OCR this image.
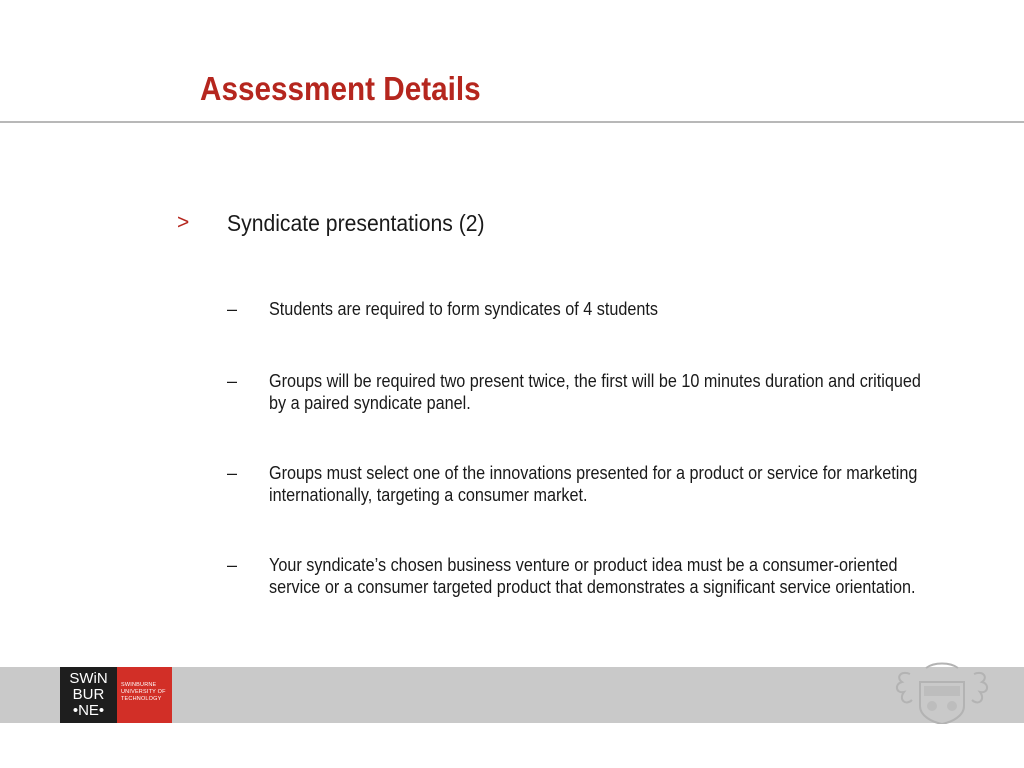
Assessment Details
> Syndicate presentations (2)
– Students are required to form syndicates of 4 students
– Groups will be required two present twice, the first will be 10 minutes duration and critiqued by a paired syndicate panel.
– Groups must select one of the innovations presented for a product or service for marketing internationally, targeting a consumer market.
– Your syndicate’s chosen business venture or product idea must be a consumer-oriented service or a consumer targeted product that demonstrates a significant service orientation.
SWiN
BUR
•NE•
SWINBURNE UNIVERSITY OF TECHNOLOGY
